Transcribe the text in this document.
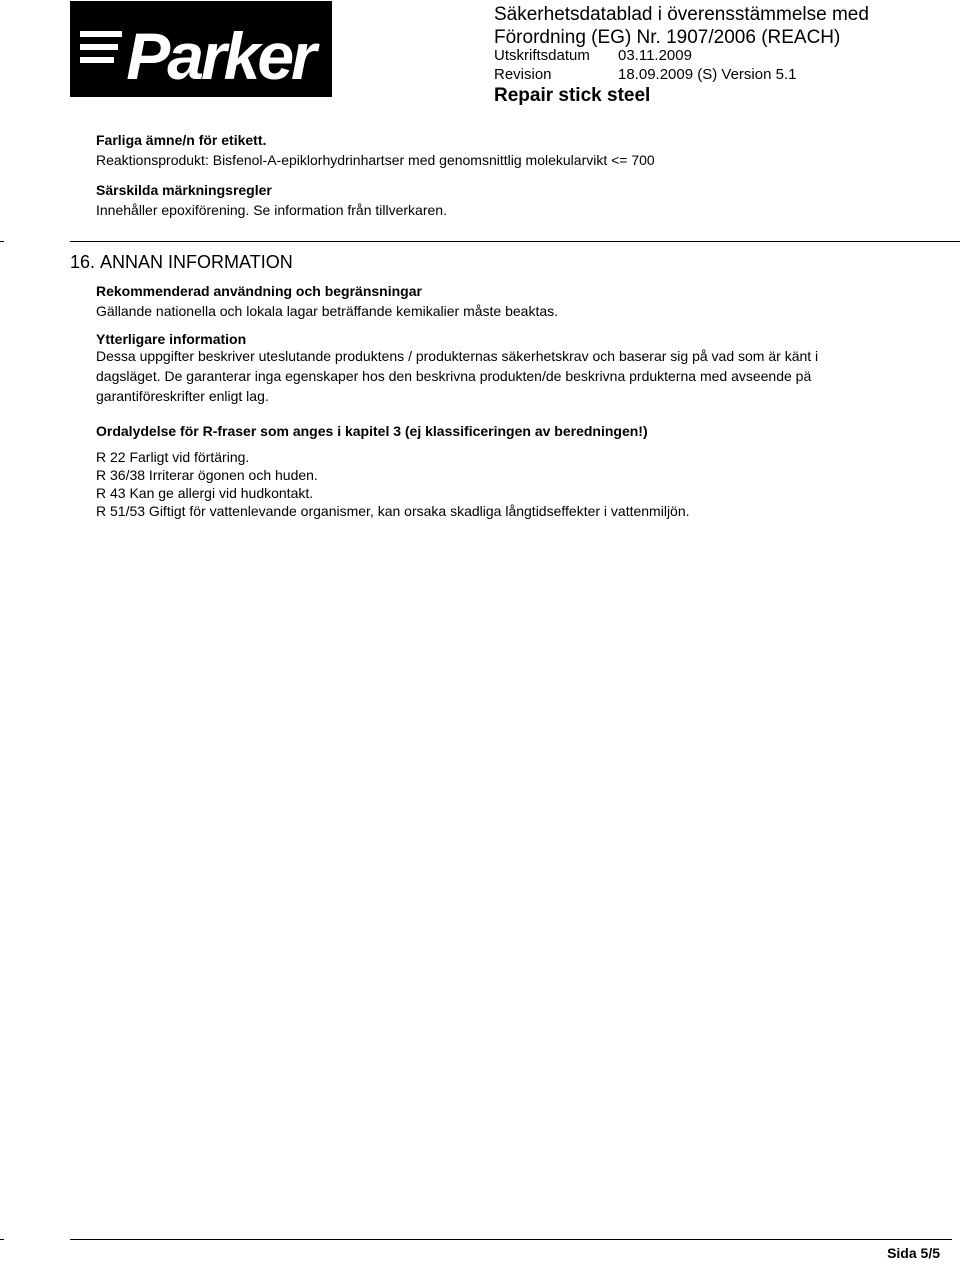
Parker

Säkerhetsdatablad i överensstämmelse med

Förordning (EG) Nr. 1907/2006 (REACH)

Utskriftsdatum 03.11.2009

Revision	18.09.2009 (S) Version 5.1

Repair stick steel

Farliga ämne/n för etikett.

Reaktionsprodukt: Bisfenol-A-epiklorhydrinhartser med genomsnittlig molekularvikt <= 700

Särskilda märkningsregler

Innehåller epoxiförening. Se information från tillverkaren.

16. ANNAN INFORMATION

Rekommenderad användning och begränsningar

Gällande nationella och lokala lagar beträffande kemikalier måste beaktas.

Ytterligare information

Dessa uppgifter beskriver uteslutande produktens / produkternas säkerhetskrav och baserar sig på vad som är känt i dagsläget. De garanterar inga egenskaper hos den beskrivna produkten/de beskrivna prdukterna med avseende pä garantiföreskrifter enligt lag.

Ordalydelse för R-fraser som anges i kapitel 3 (ej klassificeringen av beredningen!)

R 22 Farligt vid förtäring.

R 36/38 Irriterar ögonen och huden.

R 43 Kan ge allergi vid hudkontakt.

R 51/53 Giftigt för vattenlevande organismer, kan orsaka skadliga långtidseffekter i vattenmiljön.

Sida 5/5
